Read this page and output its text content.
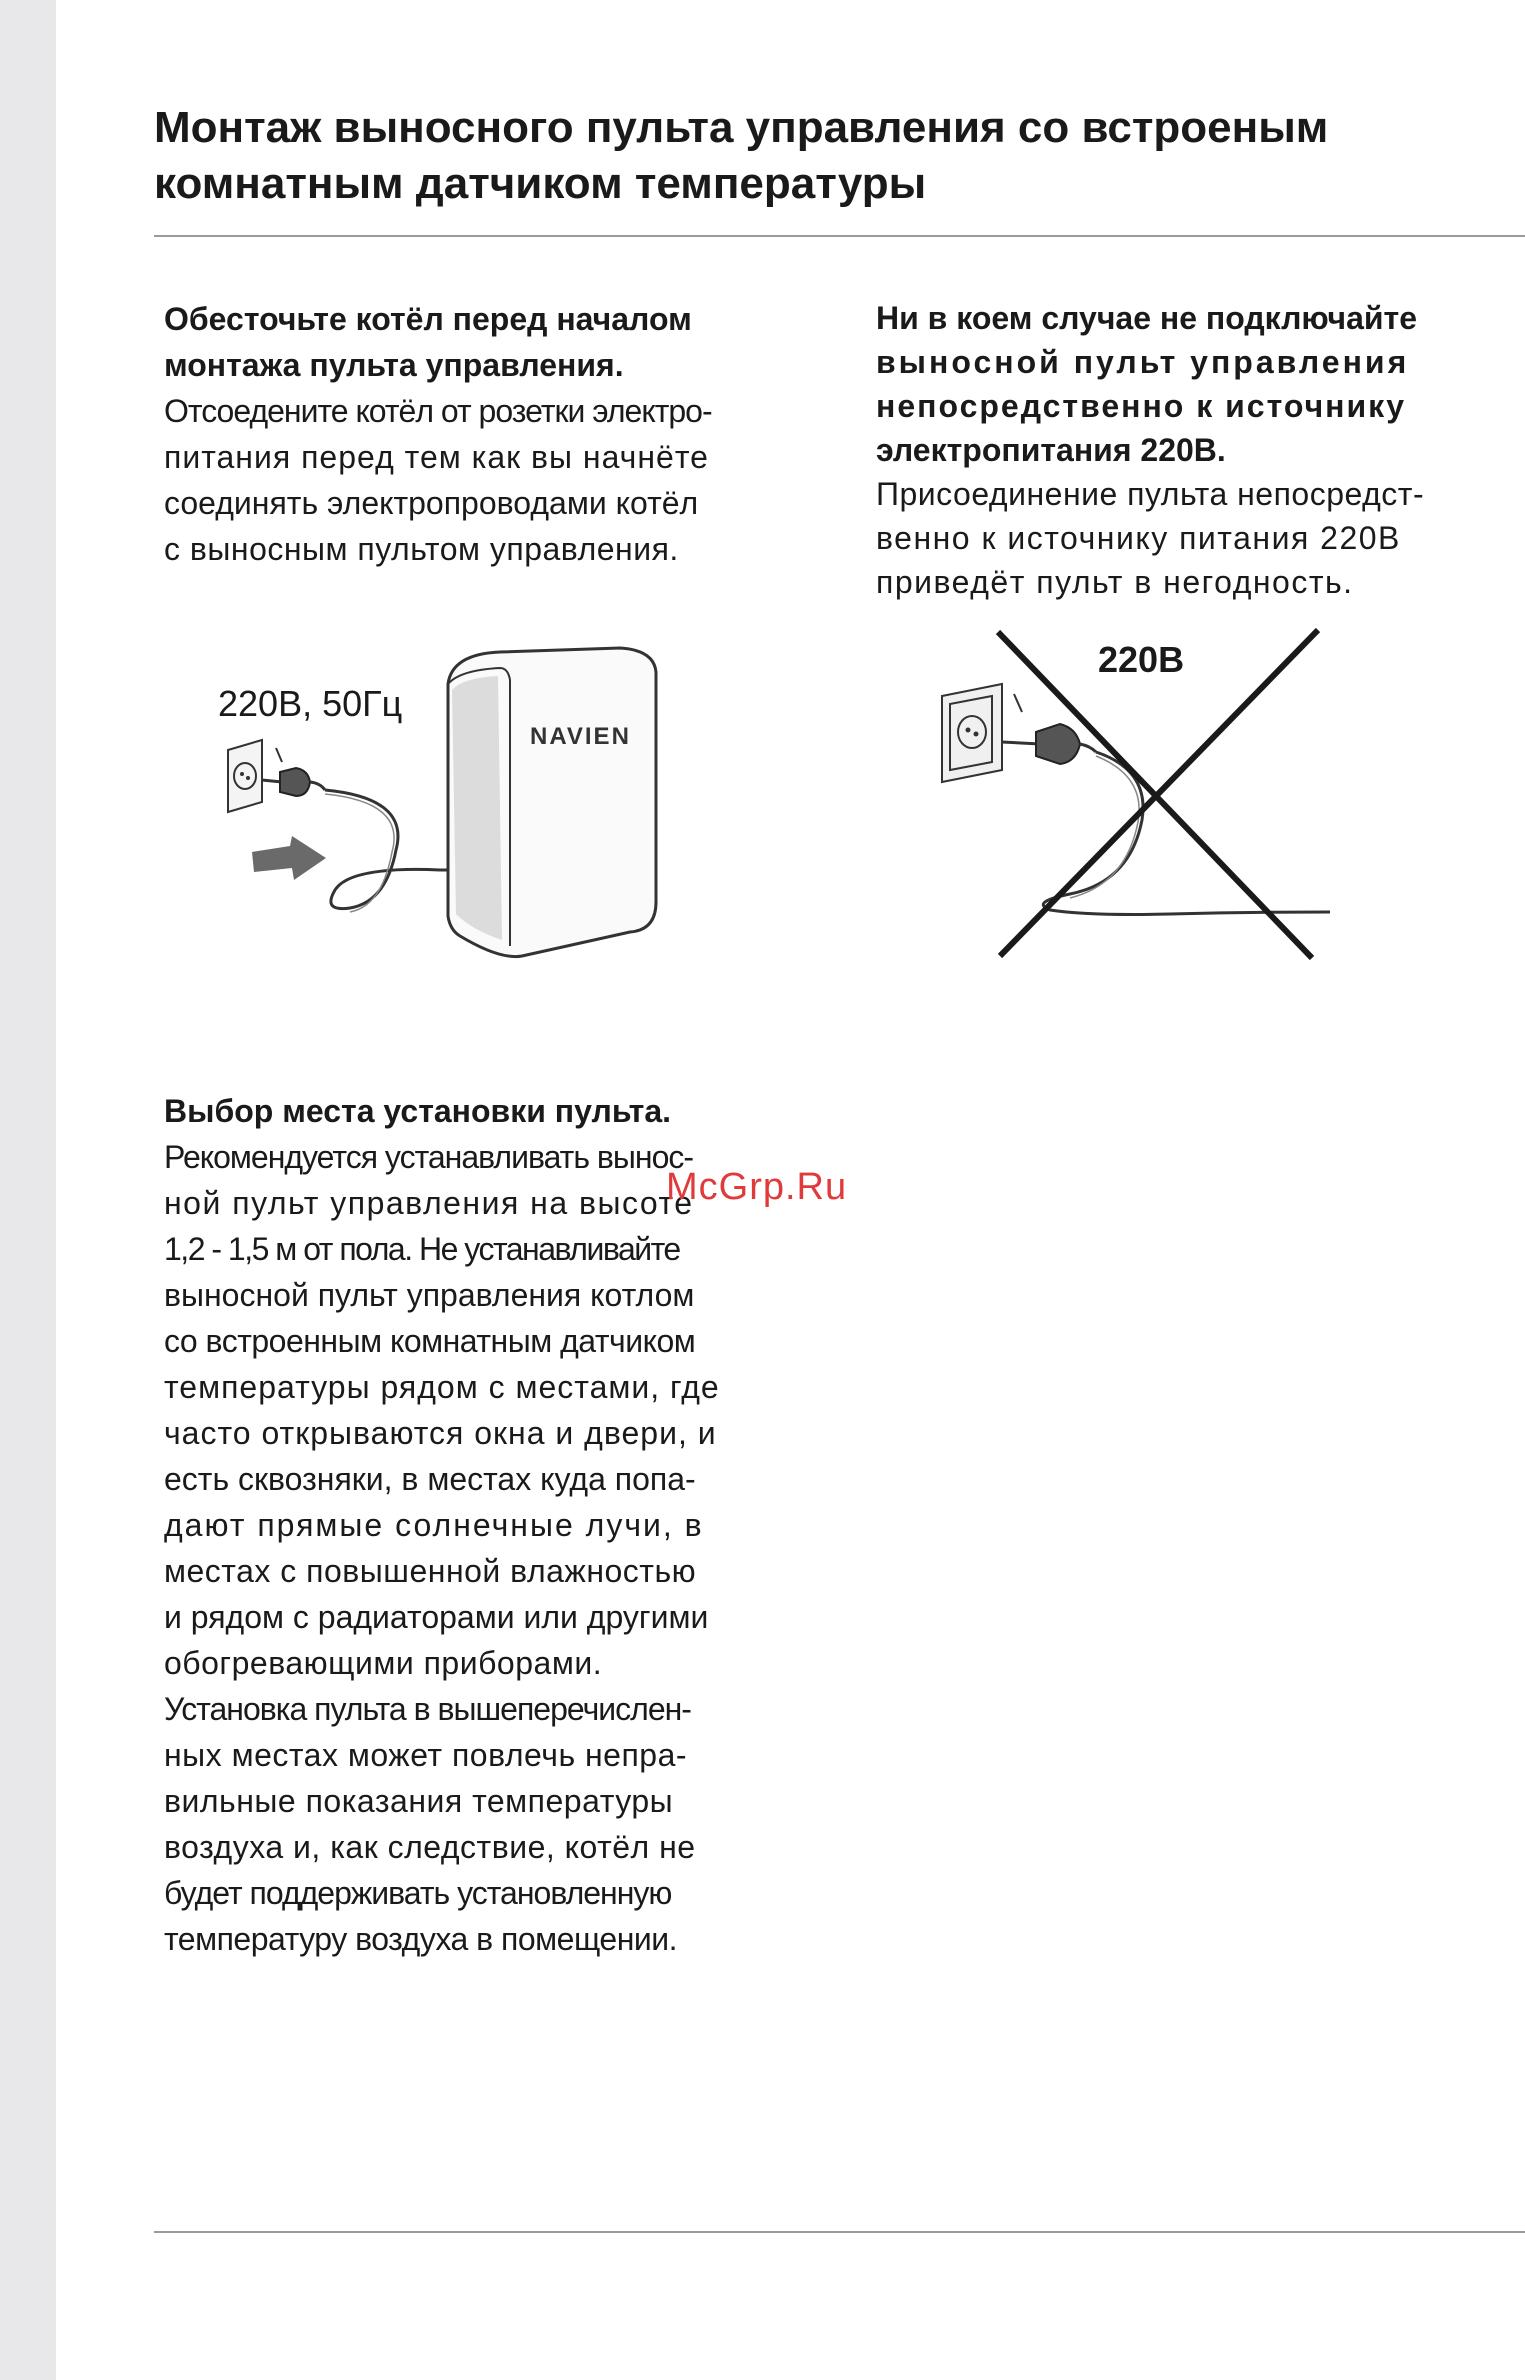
Монтаж выносного пульта управления со встроеным
комнатным датчиком температуры
Обесточьте котёл перед началом
монтажа пульта управления.
Отсоедените котёл от розетки электро-
питания перед тем как вы начнёте
соединять электропроводами котёл
с выносным пультом управления.
Ни в коем случае не подключайте
выносной пульт управления
непосредственно к источнику
электропитания 220В.
Присоединение пульта непосредст-
венно к источнику питания 220В
приведёт пульт в негодность.
220В, 50Гц
NAVIEN
220В
Выбор места установки пульта.
Рекомендуется устанавливать вынос-
ной пульт управления на высоте
1,2 - 1,5 м от пола. Не устанавливайте
выносной пульт управления котлом
со встроенным комнатным датчиком
температуры рядом с местами, где
часто открываются окна и двери, и
есть сквозняки, в местах куда попа-
дают прямые солнечные лучи, в
местах с повышенной влажностью
и рядом с радиаторами или другими
обогревающими приборами.
Установка пульта в вышеперечислен-
ных местах может повлечь непра-
вильные показания температуры
воздуха и, как следствие, котёл не
будет поддерживать установленную
температуру воздуха в помещении.
McGrp.Ru
